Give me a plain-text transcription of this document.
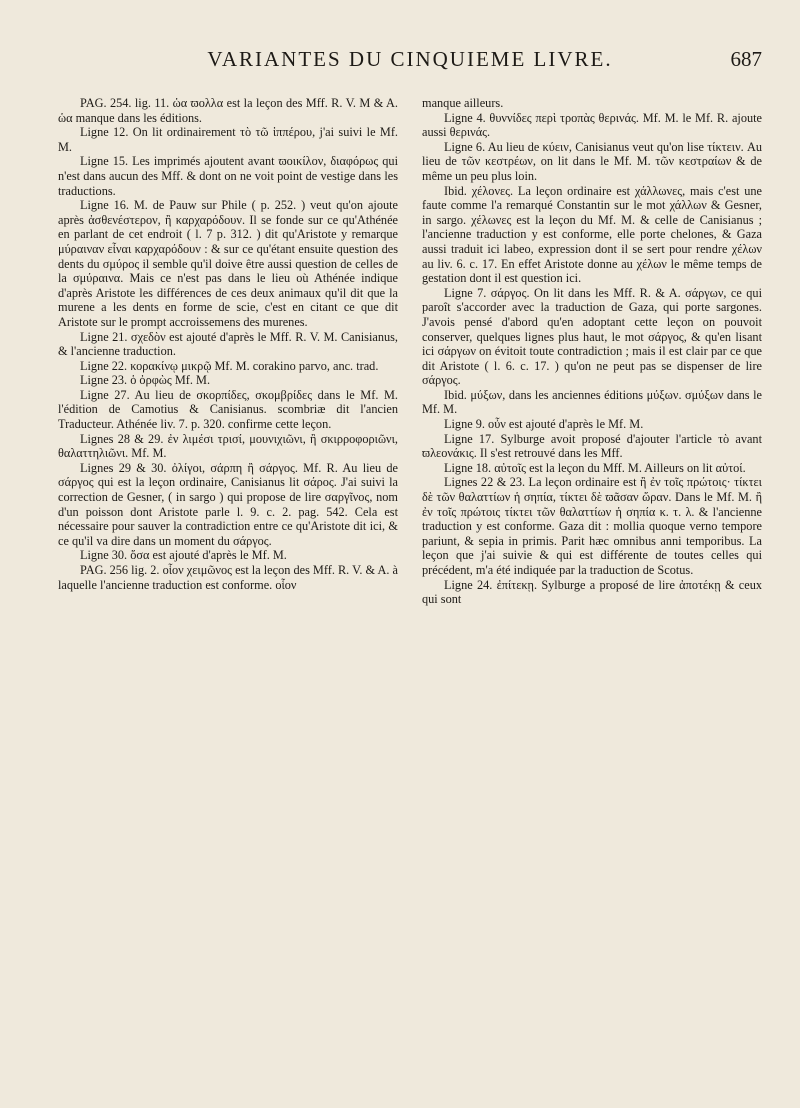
VARIANTES DU CINQUIEME LIVRE.	687

PAG. 254. lig. 11. ὡα ϖολλα est la leçon des Mff. R. V. M & A. ὡα manque dans les éditions.

Ligne 12. On lit ordinairement τὸ τῶ ἱππέρου, j'ai suivi le Mf. M.

Ligne 15. Les imprimés ajoutent avant ϖοικίλον, διαφόρως qui n'est dans aucun des Mff. & dont on ne voit point de vestige dans les traductions.

Ligne 16. M. de Pauw sur Phile ( p. 252. ) veut qu'on ajoute après ἀσθενέστερον, ἢ καρχαρόδουν. Il se fonde sur ce qu'Athénée en parlant de cet endroit ( l. 7 p. 312. ) dit qu'Aristote y remarque μύραιναν εἶναι καρχαρόδουν : & sur ce qu'étant ensuite question des dents du σμύρος il semble qu'il doive être aussi question de celles de la σμύραινα. Mais ce n'est pas dans le lieu où Athénée indique d'après Aristote les différences de ces deux animaux qu'il dit que la murene a les dents en forme de scie, c'est en citant ce que dit Aristote sur le prompt accroissemens des murenes.

Ligne 21. σχεδὸν est ajouté d'après le Mff. R. V. M. Canisianus, & l'ancienne traduction.

Ligne 22. κορακίνῳ μικρῷ Mf. M. corakino parvo, anc. trad.

Ligne 23. ὁ ὀρφὼς Mf. M.

Ligne 27. Au lieu de σκορπίδες, σκομβρίδες dans le Mf. M. l'édition de Camotius & Canisianus. scombriæ dit l'ancien Traducteur. Athénée liv. 7. p. 320. confirme cette leçon.

Lignes 28 & 29. ἐν λιμέσι τρισί, μουνιχιῶνι, ἢ σκιρροφοριῶνι, θαλαττηλιῶνι. Mf. M.

Lignes 29 & 30. ὀλίγοι, σάρπη ἢ σάργος. Mf. R. Au lieu de σάργος qui est la leçon ordinaire, Canisianus lit σάρος. J'ai suivi la correction de Gesner, ( in sargo ) qui propose de lire σαργῖνος, nom d'un poisson dont Aristote parle l. 9. c. 2. pag. 542. Cela est nécessaire pour sauver la contradiction entre ce qu'Aristote dit ici, & ce qu'il va dire dans un moment du σάργος.

Ligne 30. ὅσα est ajouté d'après le Mf. M.

PAG. 256 lig. 2. οἷον χειμῶνος est la leçon des Mff. R. V. & A. à laquelle l'ancienne traduction est conforme. οἷον

manque ailleurs.

Ligne 4. θυννίδες περὶ τροπὰς θερινάς. Mf. M. le Mf. R. ajoute aussi θερινάς.

Ligne 6. Au lieu de κύειν, Canisianus veut qu'on lise τίκτειν. Au lieu de τῶν κεστρέων, on lit dans le Mf. M. τῶν κεστραίων & de même un peu plus loin.

Ibid. χέλονες. La leçon ordinaire est χάλλωνες, mais c'est une faute comme l'a remarqué Constantin sur le mot χάλλων & Gesner, in sargo. χέλωνες est la leçon du Mf. M. & celle de Canisianus ; l'ancienne traduction y est conforme, elle porte chelones, & Gaza aussi traduit ici labeo, expression dont il se sert pour rendre χέλων au liv. 6. c. 17. En effet Aristote donne au χέλων le même temps de gestation dont il est question ici.

Ligne 7. σάργος. On lit dans les Mff. R. & A. σάργων, ce qui paroît s'accorder avec la traduction de Gaza, qui porte sargones. J'avois pensé d'abord qu'en adoptant cette leçon on pouvoit conserver, quelques lignes plus haut, le mot σάργος, & qu'en lisant ici σάργων on évitoit toute contradiction ; mais il est clair par ce que dit Aristote ( l. 6. c. 17. ) qu'on ne peut pas se dispenser de lire σάργος.

Ibid. μύξων, dans les anciennes éditions μύξων. σμύξων dans le Mf. M.

Ligne 9. οὖν est ajouté d'après le Mf. M.

Ligne 17. Sylburge avoit proposé d'ajouter l'article τὸ avant ϖλεονάκις. Il s'est retrouvé dans les Mff.

Ligne 18. αὐτοῖς est la leçon du Mff. M. Ailleurs on lit αὐτοί.

Lignes 22 & 23. La leçon ordinaire est ἢ ἐν τοῖς πρώτοις· τίκτει δὲ τῶν θαλαττίων ἡ σηπία, τίκτει δὲ ϖᾶσαν ὥραν. Dans le Mf. M. ἢ ἐν τοῖς πρώτοις τίκτει τῶν θαλαττίων ἡ σηπία κ. τ. λ. & l'ancienne traduction y est conforme. Gaza dit : mollia quoque verno tempore pariunt, & sepia in primis. Parit hæc omnibus anni temporibus. La leçon que j'ai suivie & qui est différente de toutes celles qui précédent, m'a été indiquée par la traduction de Scotus.

Ligne 24. ἐπίτεκῃ. Sylburge a proposé de lire ἀποτέκῃ & ceux qui sont
